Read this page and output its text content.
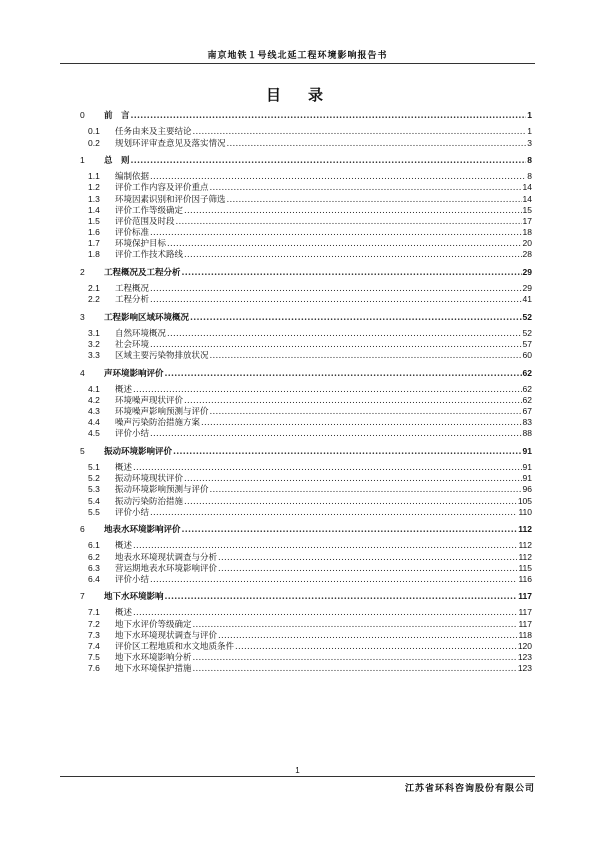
南京地铁１号线北延工程环境影响报告书
目　录
0	前　言 .....	1
0.1	任务由来及主要结论 .....	1
0.2	规划环评审查意见及落实情况 .....	3
1	总　则 .....	8
1.1	编制依据 .....	8
1.2	评价工作内容及评价重点 .....	14
1.3	环境因素识别和评价因子筛选 .....	14
1.4	评价工作等级确定 .....	15
1.5	评价范围及时段 .....	17
1.6	评价标准 .....	18
1.7	环境保护目标 .....	20
1.8	评价工作技术路线 .....	28
2	工程概况及工程分析 .....	29
2.1	工程概况 .....	29
2.2	工程分析 .....	41
3	工程影响区域环境概况 .....	52
3.1	自然环境概况 .....	52
3.2	社会环境 .....	57
3.3	区域主要污染物排放状况 .....	60
4	声环境影响评价 .....	62
4.1	概述 .....	62
4.2	环境噪声现状评价 .....	62
4.3	环境噪声影响预测与评价 .....	67
4.4	噪声污染防治措施方案 .....	83
4.5	评价小结 .....	88
5	振动环境影响评价 .....	91
5.1	概述 .....	91
5.2	振动环境现状评价 .....	91
5.3	振动环境影响预测与评价 .....	96
5.4	振动污染防治措施 .....	105
5.5	评价小结 .....	110
6	地表水环境影响评价 .....	112
6.1	概述 .....	112
6.2	地表水环境现状调查与分析 .....	112
6.3	营运期地表水环境影响评价 .....	115
6.4	评价小结 .....	116
7	地下水环境影响 .....	117
7.1	概述 .....	117
7.2	地下水评价等级确定 .....	117
7.3	地下水环境现状调查与评价 .....	118
7.4	评价区工程地质和水文地质条件 .....	120
7.5	地下水环境影响分析 .....	123
7.6	地下水环境保护措施 .....	123
1
江苏省环科咨询股份有限公司
